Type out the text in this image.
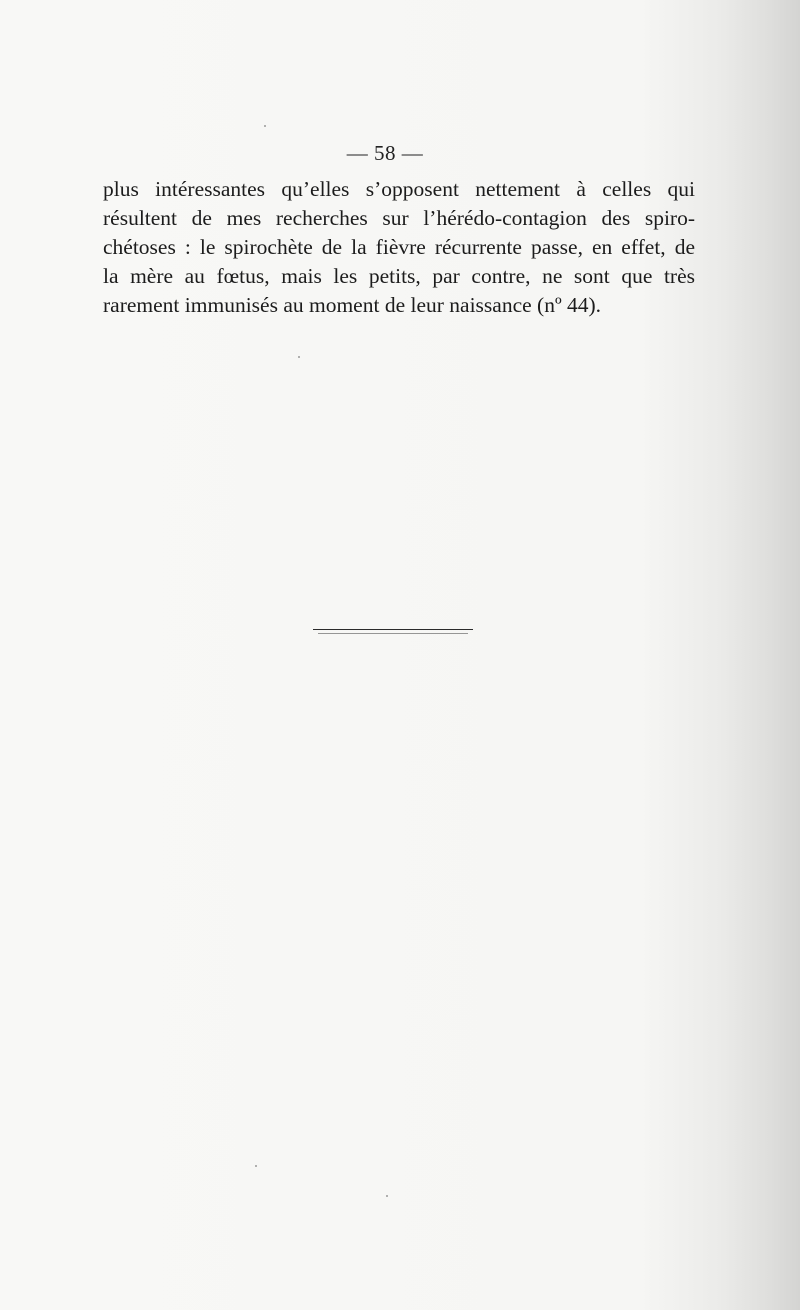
— 58 —
plus intéressantes qu’elles s’opposent nettement à celles qui
résultent de mes recherches sur l’hérédo-contagion des spiro-
chétoses : le spirochète de la fièvre récurrente passe, en effet, de
la mère au fœtus, mais les petits, par contre, ne sont que très
rarement immunisés au moment de leur naissance (nº 44).
